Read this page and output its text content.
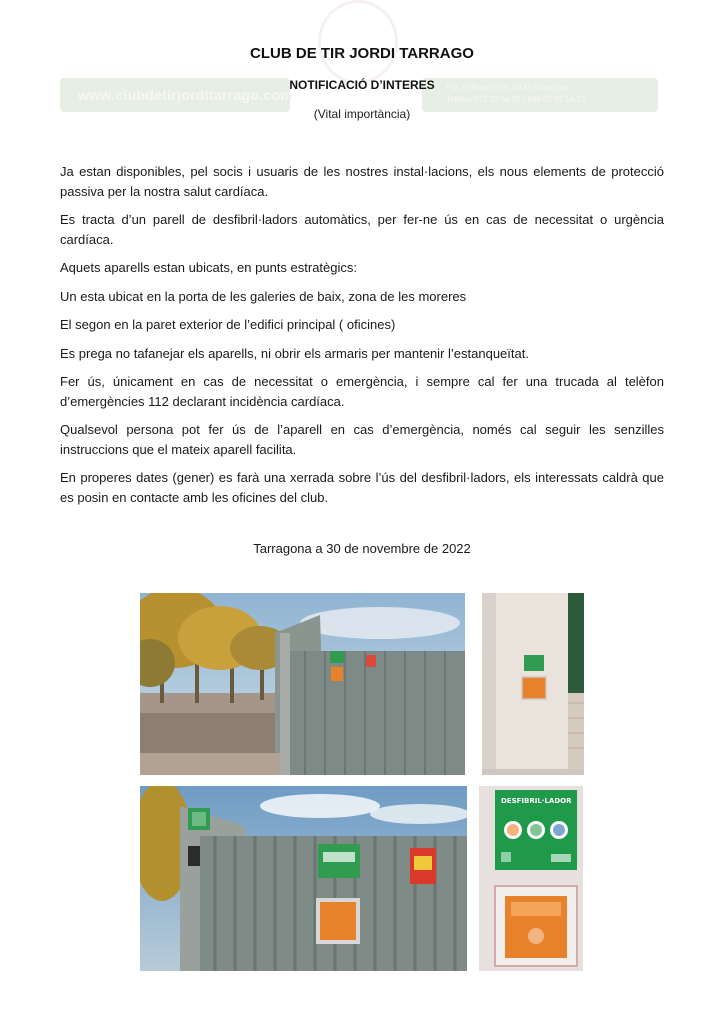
www.clubdetirjorditarrago.com	Pje. Fallerans s/n, 43 Al Tarragona
Telèfon 977 52 54 50 / 646 07 62 14 19
CLUB DE TIR JORDI TARRAGO
NOTIFICACIÓ D’INTERES
(Vital importància)

Ja estan disponibles, pel socis i usuaris de les nostres instal·lacions, els nous elements de protecció passiva per la nostra salut cardíaca.

Es tracta d’un parell de desfibril·ladors automàtics, per fer-ne ús en cas de necessitat o urgència cardíaca.

Aquets aparells estan ubicats, en punts estratègics:

Un esta ubicat en la porta de les galeries de baix, zona de les moreres

El segon en la paret exterior de l’edifici principal ( oficines)

Es prega no tafanejar els aparells, ni obrir els armaris per mantenir l’estanqueïtat.

Fer ús, únicament en cas de necessitat o emergència, i sempre cal fer una trucada al telèfon d’emergències 112 declarant incidència cardíaca.

Qualsevol persona pot fer ús de l’aparell en cas d’emergència, només cal seguir les senzilles instruccions que el mateix aparell facilita.

En properes dates (gener) es farà una xerrada sobre l’ús del desfibril·ladors, els interessats caldrà que es posin en contacte amb les oficines del club.

Tarragona a 30 de novembre de 2022
DESFIBRIL·LADOR
